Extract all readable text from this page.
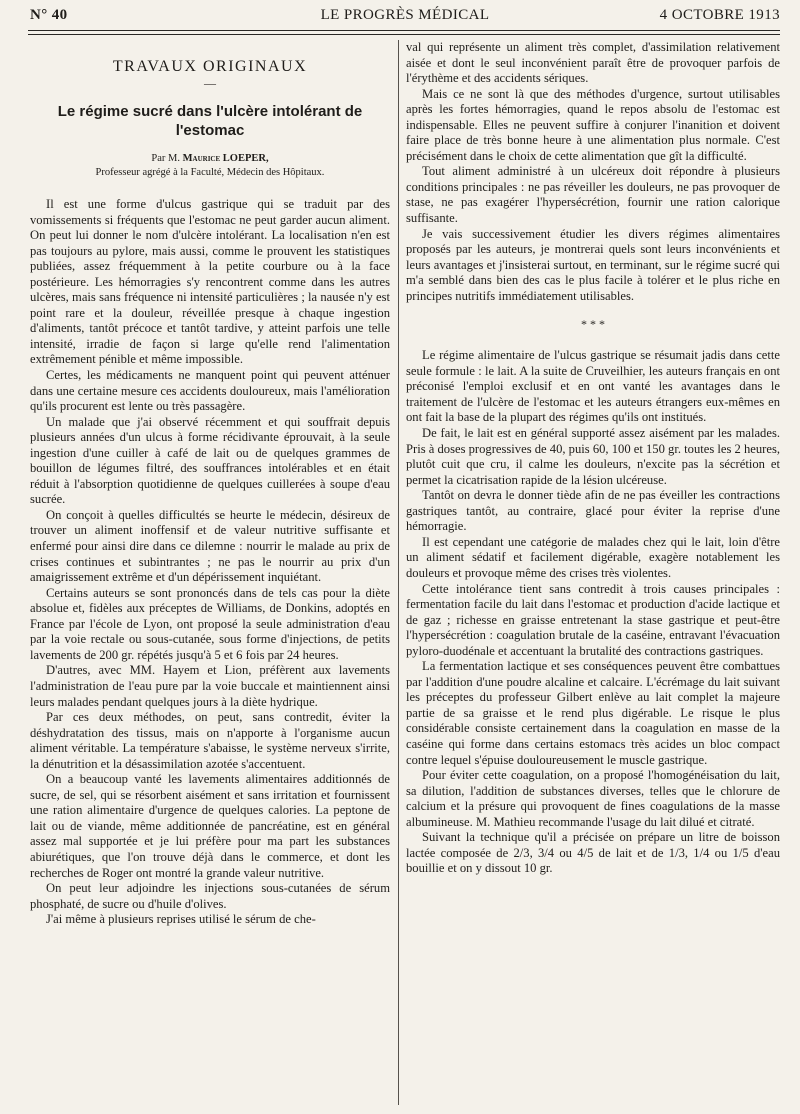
N° 40	LE PROGRÈS MÉDICAL	4 OCTOBRE 1913
TRAVAUX ORIGINAUX
—
Le régime sucré dans l'ulcère intolérant de l'estomac
Par M. Maurice LOEPER,
Professeur agrégé à la Faculté, Médecin des Hôpitaux.

Il est une forme d'ulcus gastrique qui se traduit par des vomissements si fréquents que l'estomac ne peut garder aucun aliment. On peut lui donner le nom d'ulcère intolérant. La localisation n'en est pas toujours au pylore, mais aussi, comme le prouvent les statistiques publiées, assez fréquemment à la petite courbure ou à la face postérieure. Les hémorragies s'y rencontrent comme dans les autres ulcères, mais sans fréquence ni intensité particulières ; la nausée n'y est point rare et la douleur, réveillée presque à chaque ingestion d'aliments, tantôt précoce et tantôt tardive, y atteint parfois une telle intensité, irradie de façon si large qu'elle rend l'alimentation extrêmement pénible et même impossible.

Certes, les médicaments ne manquent point qui peuvent atténuer dans une certaine mesure ces accidents douloureux, mais l'amélioration qu'ils procurent est lente ou très passagère.

Un malade que j'ai observé récemment et qui souffrait depuis plusieurs années d'un ulcus à forme récidivante éprouvait, à la seule ingestion d'une cuiller à café de lait ou de quelques grammes de bouillon de légumes filtré, des souffrances intolérables et en était réduit à l'absorption quotidienne de quelques cuillerées à soupe d'eau sucrée.

On conçoit à quelles difficultés se heurte le médecin, désireux de trouver un aliment inoffensif et de valeur nutritive suffisante et enfermé pour ainsi dire dans ce dilemne : nourrir le malade au prix de crises continues et subintrantes ; ne pas le nourrir au prix d'un amaigrissement extrême et d'un dépérissement inquiétant.

Certains auteurs se sont prononcés dans de tels cas pour la diète absolue et, fidèles aux préceptes de Williams, de Donkins, adoptés en France par l'école de Lyon, ont proposé la seule administration d'eau par la voie rectale ou sous-cutanée, sous forme d'injections, de petits lavements de 200 gr. répétés jusqu'à 5 et 6 fois par 24 heures.

D'autres, avec MM. Hayem et Lion, préfèrent aux lavements l'administration de l'eau pure par la voie buccale et maintiennent ainsi leurs malades pendant quelques jours à la diète hydrique.

Par ces deux méthodes, on peut, sans contredit, éviter la déshydratation des tissus, mais on n'apporte à l'organisme aucun aliment véritable. La température s'abaisse, le système nerveux s'irrite, la dénutrition et la désassimilation azotée s'accentuent.

On a beaucoup vanté les lavements alimentaires additionnés de sucre, de sel, qui se résorbent aisément et sans irritation et fournissent une ration alimentaire d'urgence de quelques calories. La peptone de lait ou de viande, même additionnée de pancréatine, est en général assez mal supportée et je lui préfère pour ma part les substances abiurétiques, que l'on trouve déjà dans le commerce, et dont les recherches de Roger ont montré la grande valeur nutritive.

On peut leur adjoindre les injections sous-cutanées de sérum phosphaté, de sucre ou d'huile d'olives.

J'ai même à plusieurs reprises utilisé le sérum de che-

val qui représente un aliment très complet, d'assimilation relativement aisée et dont le seul inconvénient paraît être de provoquer parfois de l'érythème et des accidents sériques.

Mais ce ne sont là que des méthodes d'urgence, surtout utilisables après les fortes hémorragies, quand le repos absolu de l'estomac est indispensable. Elles ne peuvent suffire à conjurer l'inanition et doivent faire place de très bonne heure à une alimentation plus normale. C'est précisément dans le choix de cette alimentation que gît la difficulté.

Tout aliment administré à un ulcéreux doit répondre à plusieurs conditions principales : ne pas réveiller les douleurs, ne pas provoquer de stase, ne pas exagérer l'hypersécrétion, fournir une ration calorique suffisante.

Je vais successivement étudier les divers régimes alimentaires proposés par les auteurs, je montrerai quels sont leurs inconvénients et leurs avantages et j'insisterai surtout, en terminant, sur le régime sucré qui m'a semblé dans bien des cas le plus facile à tolérer et le plus riche en principes nutritifs immédiatement utilisables.

* * *

Le régime alimentaire de l'ulcus gastrique se résumait jadis dans cette seule formule : le lait. A la suite de Cruveilhier, les auteurs français en ont préconisé l'emploi exclusif et en ont vanté les avantages dans le traitement de l'ulcère de l'estomac et les auteurs étrangers eux-mêmes en ont fait la base de la plupart des régimes qu'ils ont institués.

De fait, le lait est en général supporté assez aisément par les malades. Pris à doses progressives de 40, puis 60, 100 et 150 gr. toutes les 2 heures, plutôt cuit que cru, il calme les douleurs, n'excite pas la sécrétion et permet la cicatrisation rapide de la lésion ulcéreuse.

Tantôt on devra le donner tiède afin de ne pas éveiller les contractions gastriques tantôt, au contraire, glacé pour éviter la reprise d'une hémorragie.

Il est cependant une catégorie de malades chez qui le lait, loin d'être un aliment sédatif et facilement digérable, exagère notablement les douleurs et provoque même des crises très violentes.

Cette intolérance tient sans contredit à trois causes principales : fermentation facile du lait dans l'estomac et production d'acide lactique et de gaz ; richesse en graisse entretenant la stase gastrique et peut-être l'hypersécrétion : coagulation brutale de la caséine, entravant l'évacuation pyloro-duodénale et accentuant la brutalité des contractions gastriques.

La fermentation lactique et ses conséquences peuvent être combattues par l'addition d'une poudre alcaline et calcaire. L'écrémage du lait suivant les préceptes du professeur Gilbert enlève au lait complet la majeure partie de sa graisse et le rend plus digérable. Le risque le plus considérable consiste certainement dans la coagulation en masse de la caséine qui forme dans certains estomacs très acides un bloc compact contre lequel s'épuise douloureusement le muscle gastrique.

Pour éviter cette coagulation, on a proposé l'homogénéisation du lait, sa dilution, l'addition de substances diverses, telles que le chlorure de calcium et la présure qui provoquent de fines coagulations de la masse albumineuse. M. Mathieu recommande l'usage du lait dilué et citraté.

Suivant la technique qu'il a précisée on prépare un litre de boisson lactée composée de 2/3, 3/4 ou 4/5 de lait et de 1/3, 1/4 ou 1/5 d'eau bouillie et on y dissout 10 gr.
